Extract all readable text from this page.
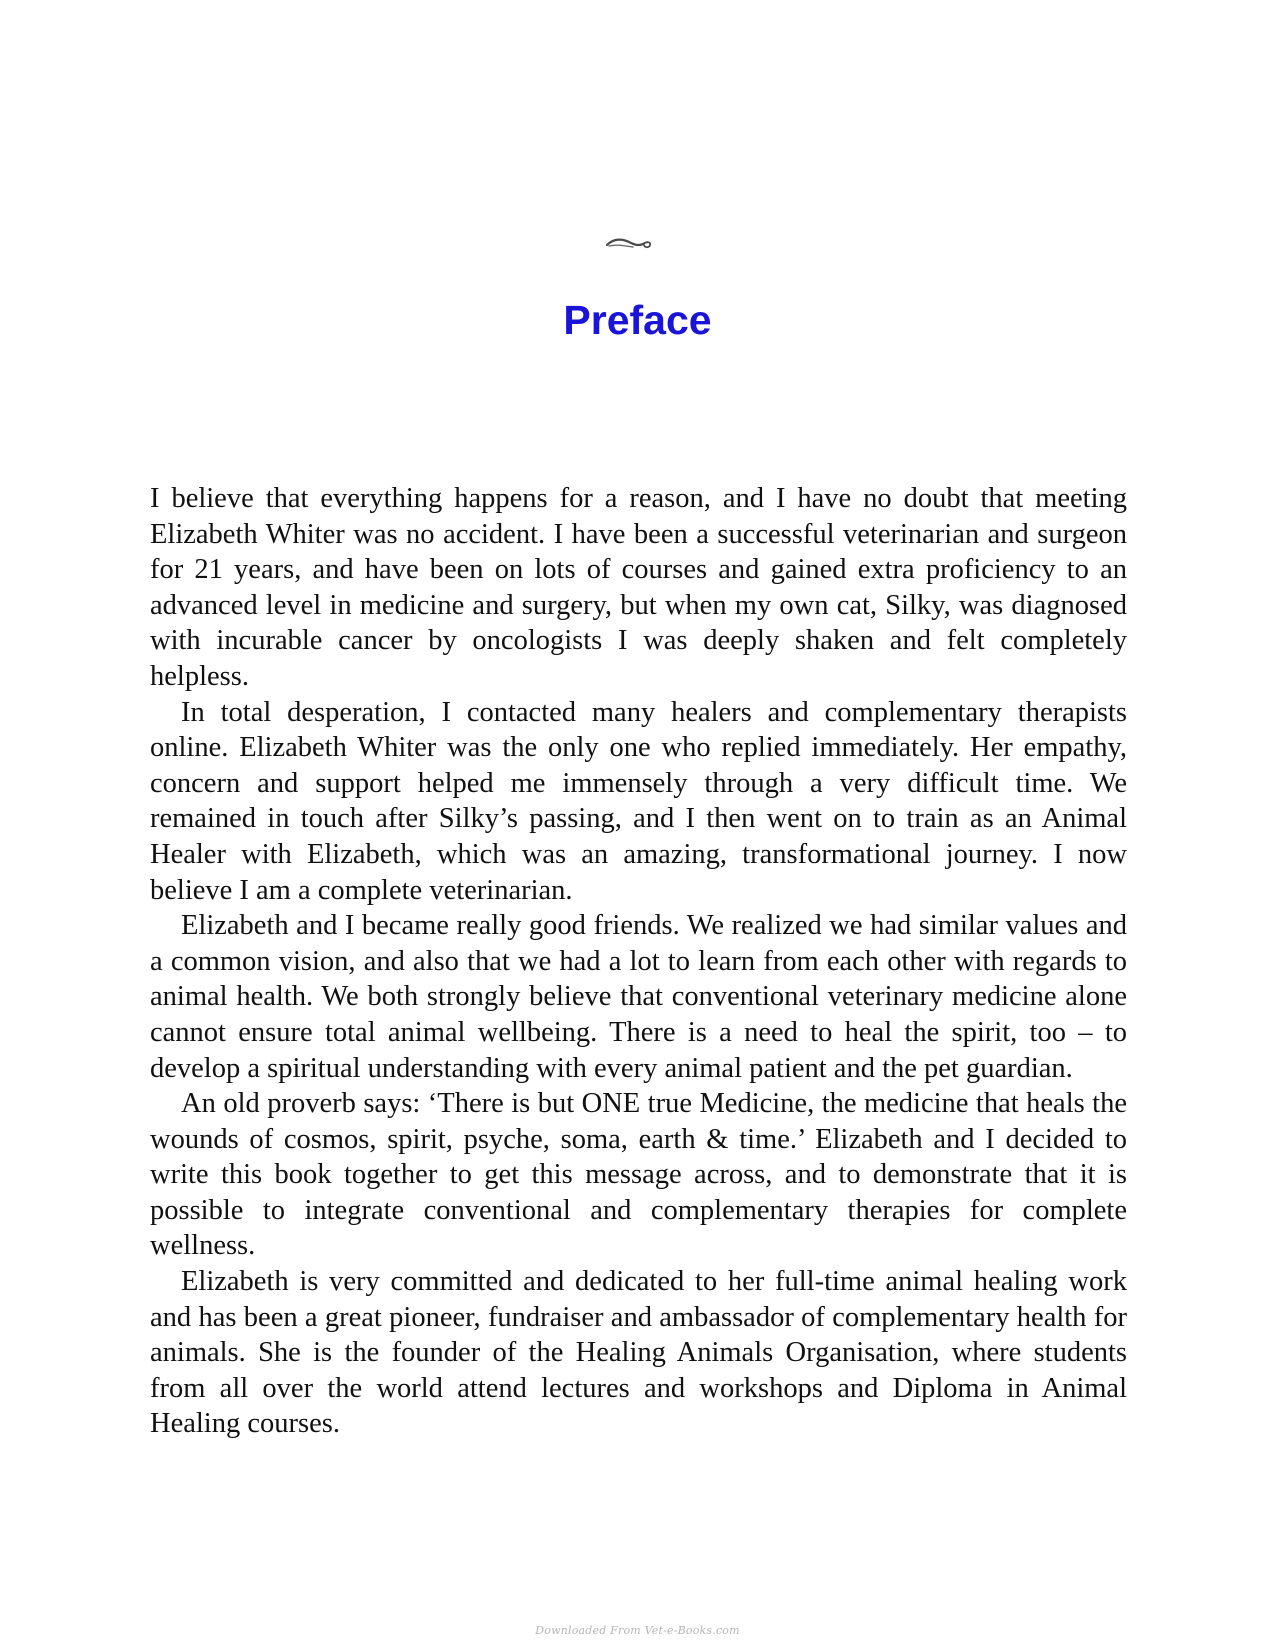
Preface

I believe that everything happens for a reason, and I have no doubt that meeting Elizabeth Whiter was no accident. I have been a successful veterinarian and surgeon for 21 years, and have been on lots of courses and gained extra proficiency to an advanced level in medicine and surgery, but when my own cat, Silky, was diagnosed with incurable cancer by oncologists I was deeply shaken and felt completely helpless.

In total desperation, I contacted many healers and complementary therapists online. Elizabeth Whiter was the only one who replied immediately. Her empathy, concern and support helped me immensely through a very difficult time. We remained in touch after Silky’s passing, and I then went on to train as an Animal Healer with Elizabeth, which was an amazing, transformational journey. I now believe I am a complete veterinarian.

Elizabeth and I became really good friends. We realized we had similar values and a common vision, and also that we had a lot to learn from each other with regards to animal health. We both strongly believe that conventional veterinary medicine alone cannot ensure total animal wellbeing. There is a need to heal the spirit, too – to develop a spiritual understanding with every animal patient and the pet guardian.

An old proverb says: ‘There is but ONE true Medicine, the medicine that heals the wounds of cosmos, spirit, psyche, soma, earth & time.’ Elizabeth and I decided to write this book together to get this message across, and to demonstrate that it is possible to integrate conventional and complementary therapies for complete wellness.

Elizabeth is very committed and dedicated to her full-time animal healing work and has been a great pioneer, fundraiser and ambassador of complementary health for animals. She is the founder of the Healing Animals Organisation, where students from all over the world attend lectures and workshops and Diploma in Animal Healing courses.

Downloaded From Vet-e-Books.com
